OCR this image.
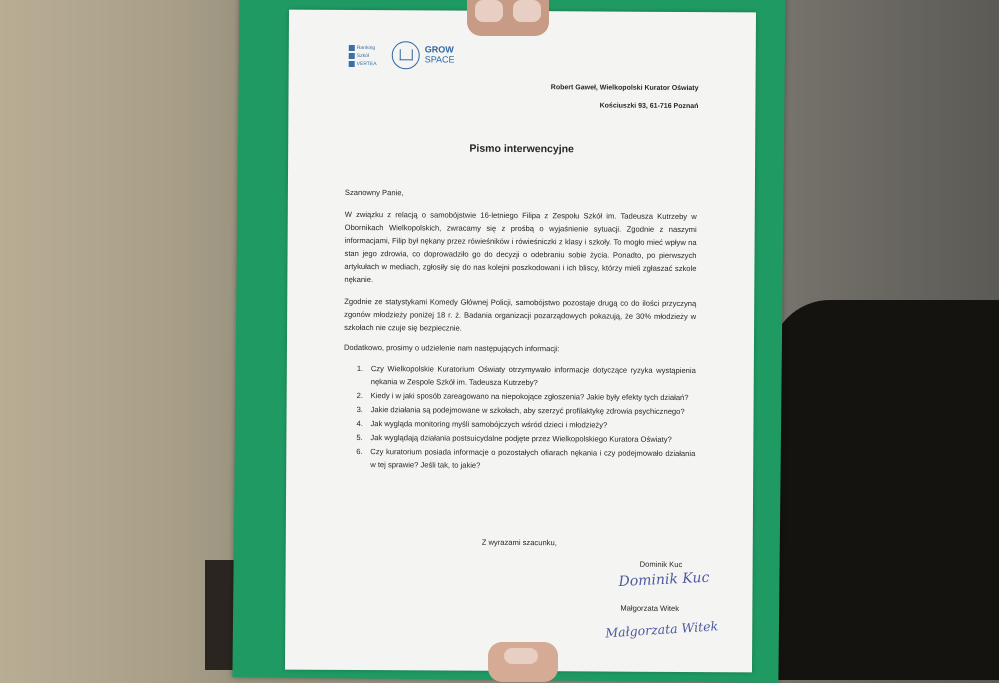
Ranking
Szkół
VERTEA
GROW
SPACE
Robert Gaweł, Wielkopolski Kurator Oświaty
Kościuszki 93, 61-716 Poznań
Pismo interwencyjne
Szanowny Panie,
W związku z relacją o samobójstwie 16-letniego Filipa z Zespołu Szkół im. Tadeusza Kutrzeby w Obornikach Wielkopolskich, zwracamy się z prośbą o wyjaśnienie sytuacji. Zgodnie z naszymi informacjami, Filip był nękany przez rówieśników i rówieśniczki z klasy i szkoły. To mogło mieć wpływ na stan jego zdrowia, co doprowadziło go do decyzji o odebraniu sobie życia. Ponadto, po pierwszych artykułach w mediach, zgłosiły się do nas kolejni poszkodowani i ich bliscy, którzy mieli zgłaszać szkole nękanie.
Zgodnie ze statystykami Komedy Głównej Policji, samobójstwo pozostaje drugą co do ilości przyczyną zgonów młodzieży poniżej 18 r. ż. Badania organizacji pozarządowych pokazują, że 30% młodzieży w szkołach nie czuje się bezpiecznie.
Dodatkowo, prosimy o udzielenie nam następujących informacji:
1. Czy Wielkopolskie Kuratorium Oświaty otrzymywało informacje dotyczące ryzyka wystąpienia nękania w Zespole Szkół im. Tadeusza Kutrzeby?
2. Kiedy i w jaki sposób zareagowano na niepokojące zgłoszenia? Jakie były efekty tych działań?
3. Jakie działania są podejmowane w szkołach, aby szerzyć profilaktykę zdrowia psychicznego?
4. Jak wygląda monitoring myśli samobójczych wśród dzieci i młodzieży?
5. Jak wyglądają działania postsuicydalne podjęte przez Wielkopolskiego Kuratora Oświaty?
6. Czy kuratorium posiada informacje o pozostałych ofiarach nękania i czy podejmowało działania w tej sprawie? Jeśli tak, to jakie?
Z wyrazami szacunku,
Dominik Kuc
Dominik Kuc
Małgorzata Witek
Małgorzata Witek
